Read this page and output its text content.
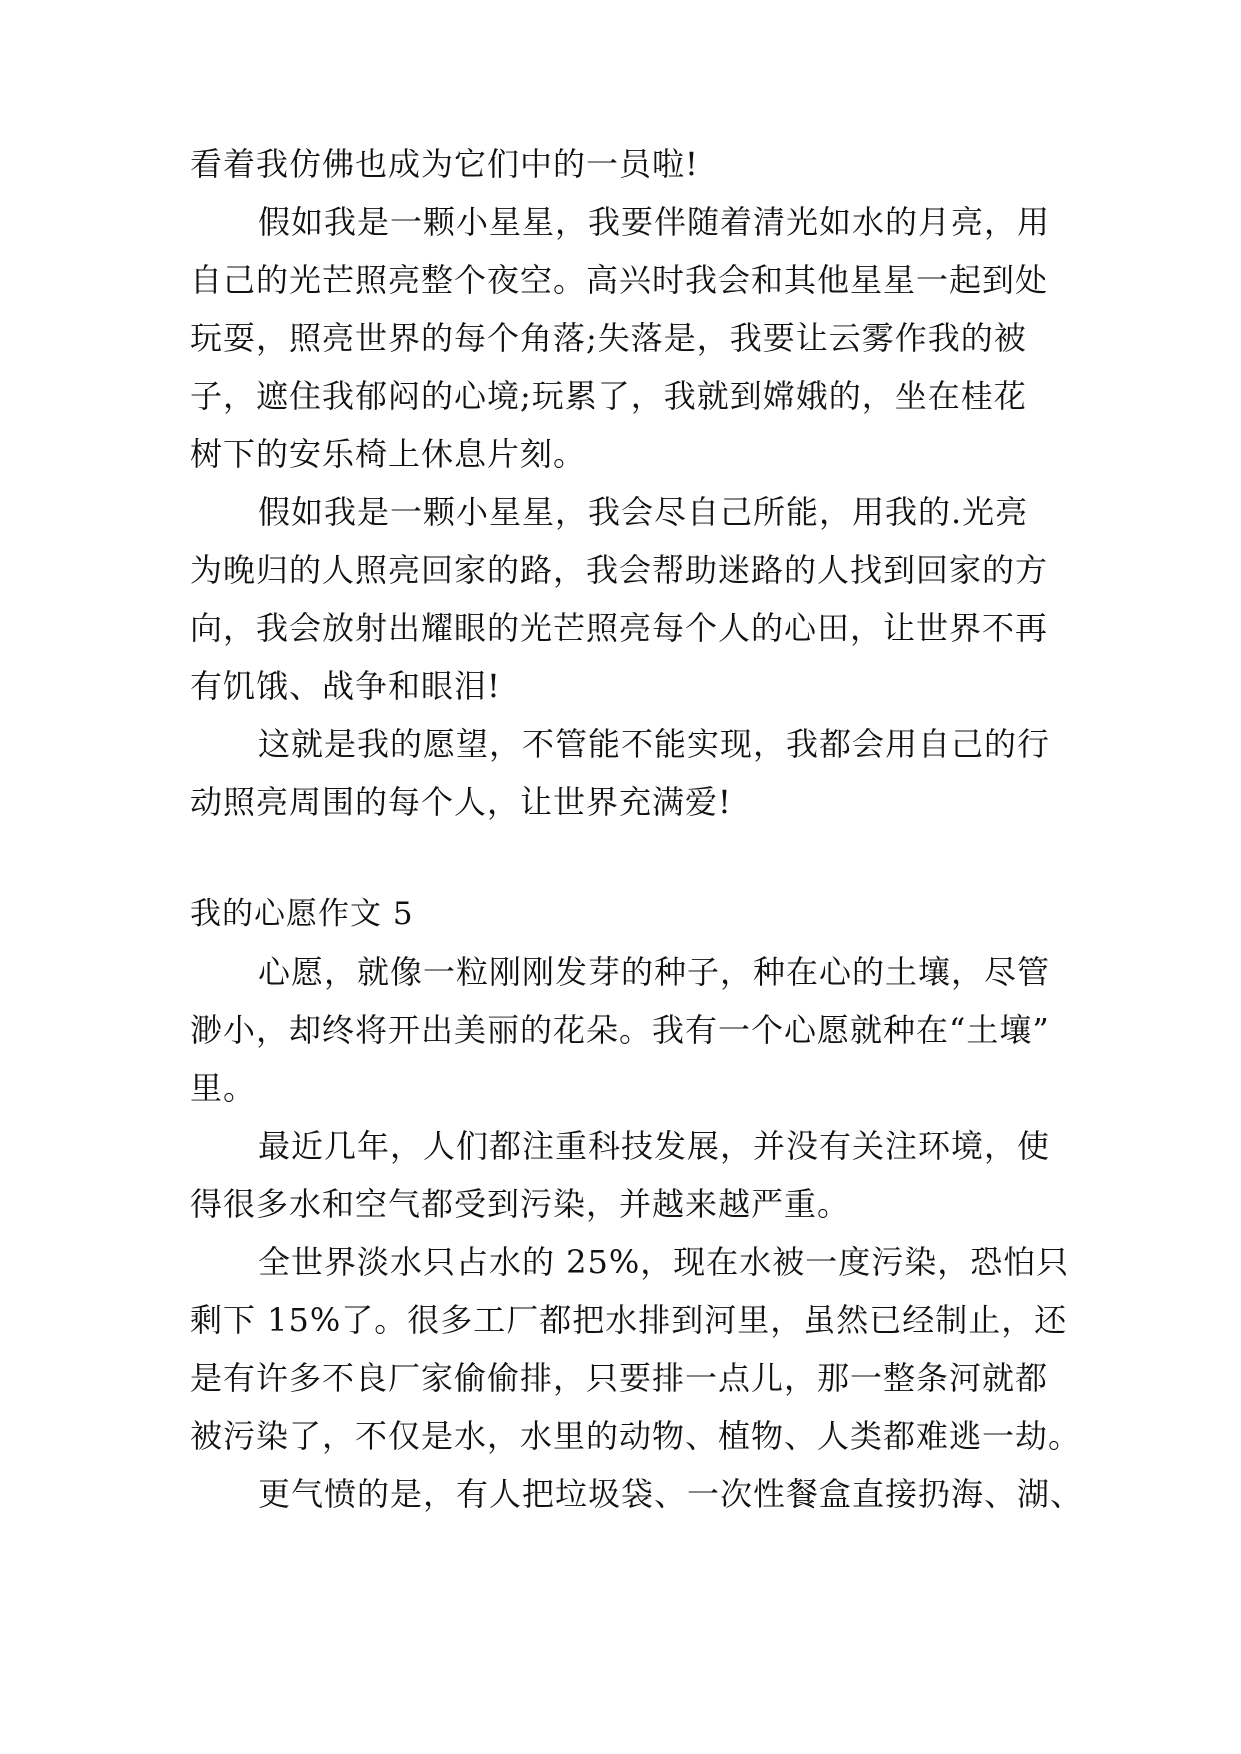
看着我仿佛也成为它们中的一员啦!
假如我是一颗小星星，我要伴随着清光如水的月亮，用
自己的光芒照亮整个夜空。高兴时我会和其他星星一起到处
玩耍，照亮世界的每个角落;失落是，我要让云雾作我的被
子，遮住我郁闷的心境;玩累了，我就到嫦娥的，坐在桂花
树下的安乐椅上休息片刻。
假如我是一颗小星星，我会尽自己所能，用我的.光亮
为晚归的人照亮回家的路，我会帮助迷路的人找到回家的方
向，我会放射出耀眼的光芒照亮每个人的心田，让世界不再
有饥饿、战争和眼泪!
这就是我的愿望，不管能不能实现，我都会用自己的行
动照亮周围的每个人，让世界充满爱!
我的心愿作文 5
心愿，就像一粒刚刚发芽的种子，种在心的土壤，尽管
渺小，却终将开出美丽的花朵。我有一个心愿就种在“土壤”
里。
最近几年，人们都注重科技发展，并没有关注环境，使
得很多水和空气都受到污染，并越来越严重。
全世界淡水只占水的 25%，现在水被一度污染，恐怕只
剩下 15%了。很多工厂都把水排到河里，虽然已经制止，还
是有许多不良厂家偷偷排，只要排一点儿，那一整条河就都
被污染了，不仅是水，水里的动物、植物、人类都难逃一劫。
更气愤的是，有人把垃圾袋、一次性餐盒直接扔海、湖、
